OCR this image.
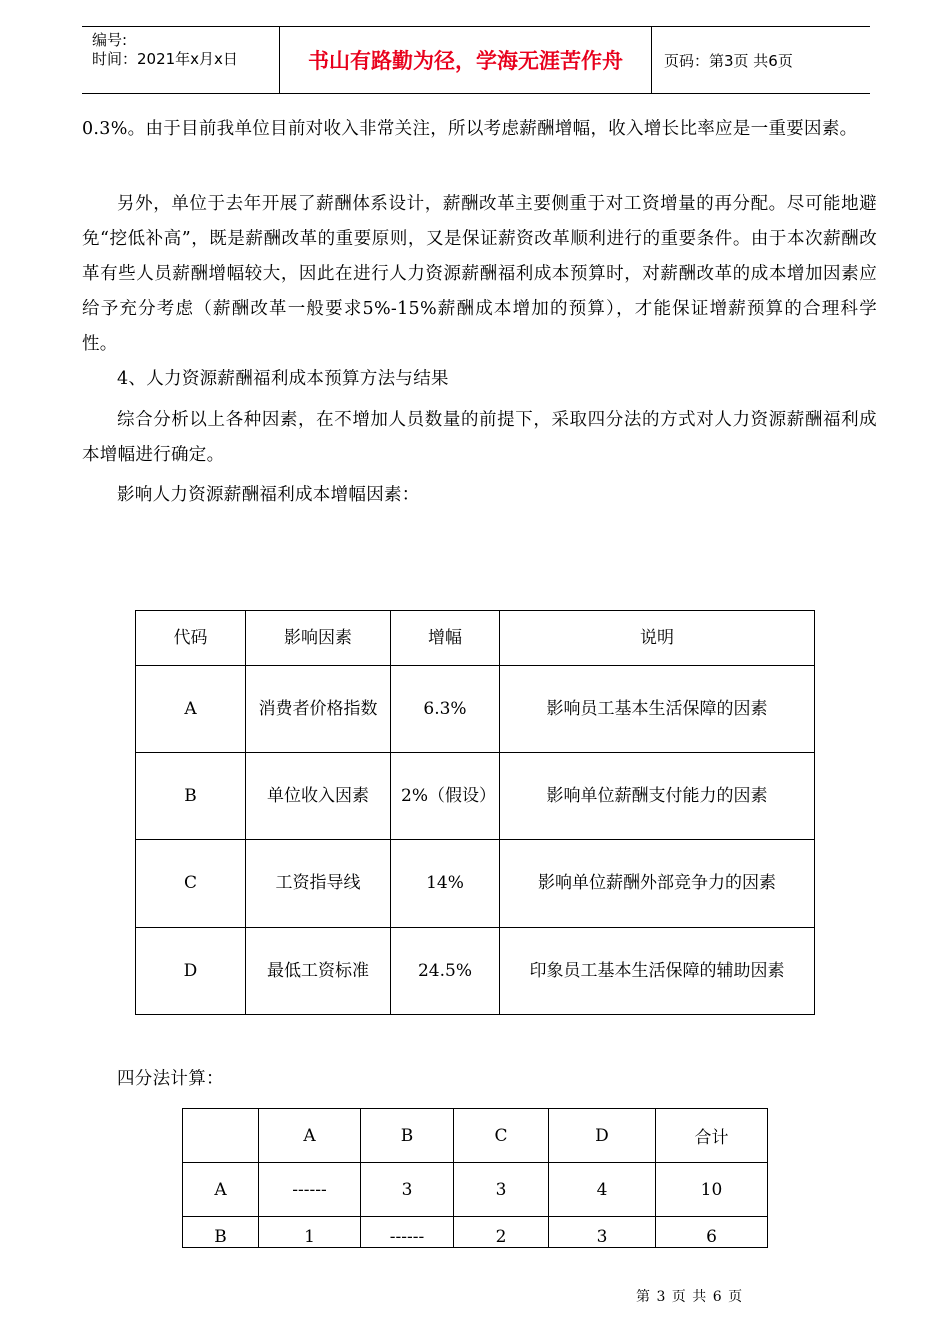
编号:
时间：2021年x月x日	书山有路勤为径，学海无涯苦作舟	页码：第3页 共6页

0.3%。由于目前我单位目前对收入非常关注，所以考虑薪酬增幅，收入增长比率应是一重要因素。

另外，单位于去年开展了薪酬体系设计，薪酬改革主要侧重于对工资增量的再分配。尽可能地避免“挖低补高”，既是薪酬改革的重要原则，又是保证薪资改革顺利进行的重要条件。由于本次薪酬改革有些人员薪酬增幅较大，因此在进行人力资源薪酬福利成本预算时，对薪酬改革的成本增加因素应给予充分考虑（薪酬改革一般要求5%-15%薪酬成本增加的预算），才能保证增薪预算的合理科学性。

4、人力资源薪酬福利成本预算方法与结果

综合分析以上各种因素，在不增加人员数量的前提下，采取四分法的方式对人力资源薪酬福利成本增幅进行确定。

影响人力资源薪酬福利成本增幅因素：

代码	影响因素	增幅	说明
A	消费者价格指数	6.3%	影响员工基本生活保障的因素
B	单位收入因素	2%（假设）	影响单位薪酬支付能力的因素
C	工资指导线	14%	影响单位薪酬外部竞争力的因素
D	最低工资标准	24.5%	印象员工基本生活保障的辅助因素

四分法计算：

	A	B	C	D	合计
A	------	3	3	4	10
B	1	------	2	3	6
第 3 页 共 6 页
